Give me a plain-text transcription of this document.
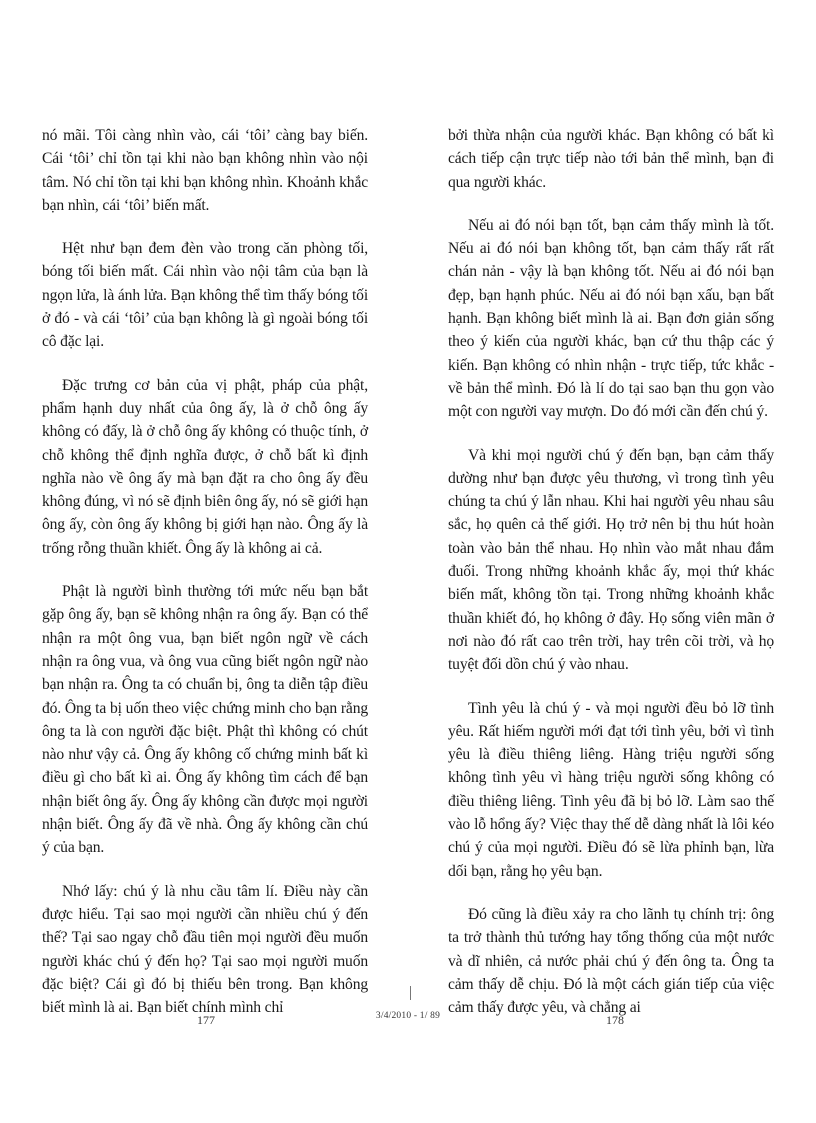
nó mãi. Tôi càng nhìn vào, cái ‘tôi’ càng bay biến. Cái ‘tôi’ chỉ tồn tại khi nào bạn không nhìn vào nội tâm. Nó chỉ tồn tại khi bạn không nhìn. Khoảnh khắc bạn nhìn, cái ‘tôi’ biến mất.

Hệt như bạn đem đèn vào trong căn phòng tối, bóng tối biến mất. Cái nhìn vào nội tâm của bạn là ngọn lửa, là ánh lửa. Bạn không thể tìm thấy bóng tối ở đó - và cái ‘tôi’ của bạn không là gì ngoài bóng tối cô đặc lại.

Đặc trưng cơ bản của vị phật, pháp của phật, phẩm hạnh duy nhất của ông ấy, là ở chỗ ông ấy không có đấy, là ở chỗ ông ấy không có thuộc tính, ở chỗ không thể định nghĩa được, ở chỗ bất kì định nghĩa nào về ông ấy mà bạn đặt ra cho ông ấy đều không đúng, vì nó sẽ định biên ông ấy, nó sẽ giới hạn ông ấy, còn ông ấy không bị giới hạn nào. Ông ấy là trống rỗng thuần khiết. Ông ấy là không ai cả.

Phật là người bình thường tới mức nếu bạn bắt gặp ông ấy, bạn sẽ không nhận ra ông ấy. Bạn có thể nhận ra một ông vua, bạn biết ngôn ngữ về cách nhận ra ông vua, và ông vua cũng biết ngôn ngữ nào bạn nhận ra. Ông ta có chuẩn bị, ông ta diễn tập điều đó. Ông ta bị uốn theo việc chứng minh cho bạn rằng ông ta là con người đặc biệt. Phật thì không có chút nào như vậy cả. Ông ấy không cố chứng minh bất kì điều gì cho bất kì ai. Ông ấy không tìm cách để bạn nhận biết ông ấy. Ông ấy không cần được mọi người nhận biết. Ông ấy đã về nhà. Ông ấy không cần chú ý của bạn.

Nhớ lấy: chú ý là nhu cầu tâm lí. Điều này cần được hiểu. Tại sao mọi người cần nhiều chú ý đến thế? Tại sao ngay chỗ đầu tiên mọi người đều muốn người khác chú ý đến họ? Tại sao mọi người muốn đặc biệt? Cái gì đó bị thiếu bên trong. Bạn không biết mình là ai. Bạn biết chính mình chỉ

bởi thừa nhận của người khác. Bạn không có bất kì cách tiếp cận trực tiếp nào tới bản thể mình, bạn đi qua người khác.

Nếu ai đó nói bạn tốt, bạn cảm thấy mình là tốt. Nếu ai đó nói bạn không tốt, bạn cảm thấy rất rất chán nản - vậy là bạn không tốt. Nếu ai đó nói bạn đẹp, bạn hạnh phúc. Nếu ai đó nói bạn xấu, bạn bất hạnh. Bạn không biết mình là ai. Bạn đơn giản sống theo ý kiến của người khác, bạn cứ thu thập các ý kiến. Bạn không có nhìn nhận - trực tiếp, tức khắc - về bản thể mình. Đó là lí do tại sao bạn thu gọn vào một con người vay mượn. Do đó mới cần đến chú ý.

Và khi mọi người chú ý đến bạn, bạn cảm thấy dường như bạn được yêu thương, vì trong tình yêu chúng ta chú ý lẫn nhau. Khi hai người yêu nhau sâu sắc, họ quên cả thế giới. Họ trở nên bị thu hút hoàn toàn vào bản thể nhau. Họ nhìn vào mắt nhau đắm đuối. Trong những khoảnh khắc ấy, mọi thứ khác biến mất, không tồn tại. Trong những khoảnh khắc thuần khiết đó, họ không ở đây. Họ sống viên mãn ở nơi nào đó rất cao trên trời, hay trên cõi trời, và họ tuyệt đối dồn chú ý vào nhau.

Tình yêu là chú ý - và mọi người đều bỏ lỡ tình yêu. Rất hiếm người mới đạt tới tình yêu, bởi vì tình yêu là điều thiêng liêng. Hàng triệu người sống không tình yêu vì hàng triệu người sống không có điều thiêng liêng. Tình yêu đã bị bỏ lỡ. Làm sao thế vào lỗ hổng ấy? Việc thay thế dễ dàng nhất là lôi kéo chú ý của mọi người. Điều đó sẽ lừa phỉnh bạn, lừa dối bạn, rằng họ yêu bạn.

Đó cũng là điều xảy ra cho lãnh tụ chính trị: ông ta trở thành thủ tướng hay tổng thống của một nước và dĩ nhiên, cả nước phải chú ý đến ông ta. Ông ta cảm thấy dễ chịu. Đó là một cách gián tiếp của việc cảm thấy được yêu, và chẳng ai

177	3/4/2010 - 1/ 89	178
